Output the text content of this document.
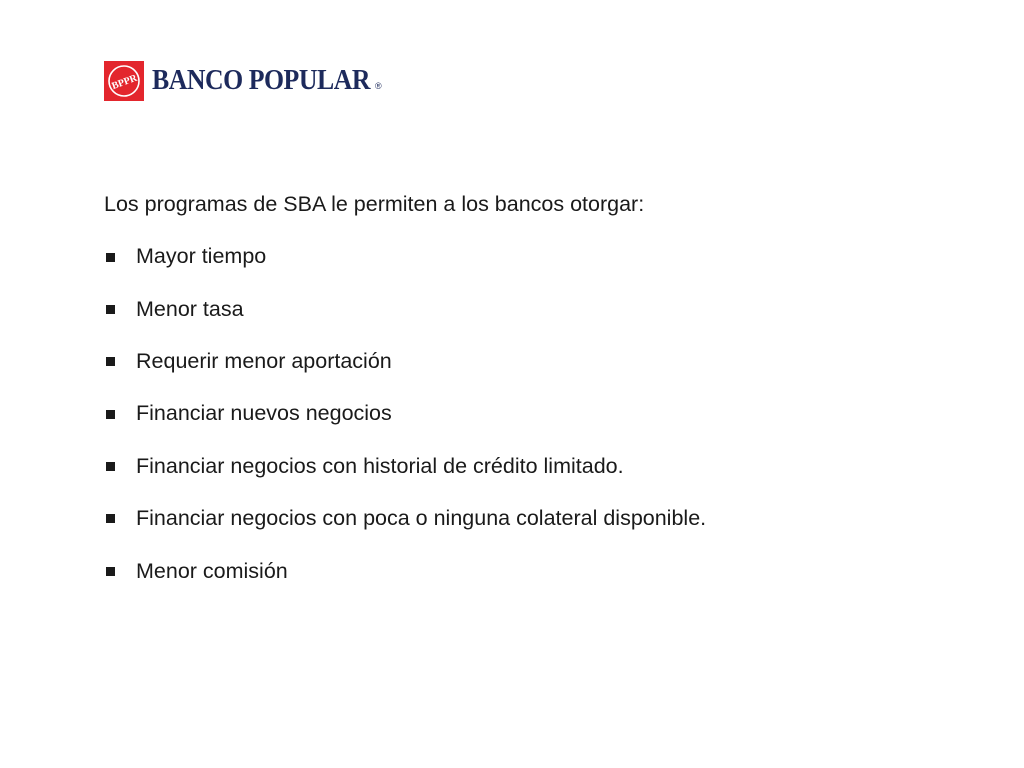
BPPR BANCO POPULAR ®

Los programas de SBA le permiten a los bancos otorgar:

Mayor tiempo
Menor tasa
Requerir menor aportación
Financiar nuevos negocios
Financiar negocios con historial de crédito limitado.
Financiar negocios con poca o ninguna colateral disponible.
Menor comisión
